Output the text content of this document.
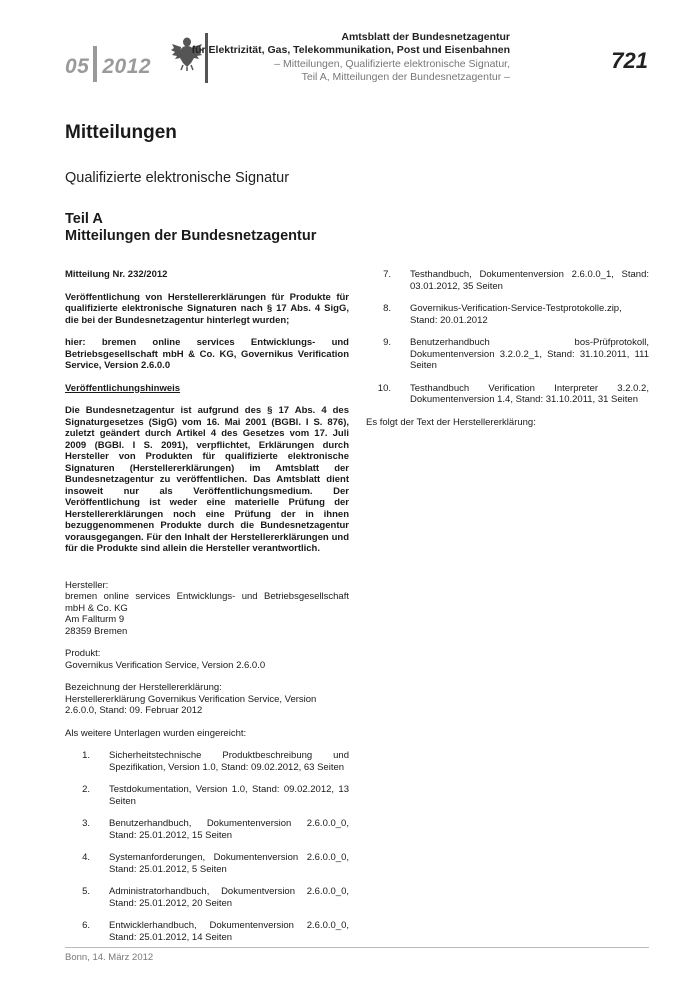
05 2012
Amtsblatt der Bundesnetzagentur
für Elektrizität, Gas, Telekommunikation, Post und Eisenbahnen
– Mitteilungen, Qualifizierte elektronische Signatur,
Teil A, Mitteilungen der Bundesnetzagentur –
721
Mitteilungen
Qualifizierte elektronische Signatur
Teil A
Mitteilungen der Bundesnetzagentur

Mitteilung Nr. 232/2012

Veröffentlichung von Herstellererklärungen für Produkte für qualifizierte elektronische Signaturen nach § 17 Abs. 4 SigG, die bei der Bundesnetzagentur hinterlegt wurden;

hier: bremen online services Entwicklungs- und Betriebsgesellschaft mbH & Co. KG, Governikus Verification Service, Version 2.6.0.0

Veröffentlichungshinweis

Die Bundesnetzagentur ist aufgrund des § 17 Abs. 4 des Signaturgesetzes (SigG) vom 16. Mai 2001 (BGBl. I S. 876), zuletzt geändert durch Artikel 4 des Gesetzes vom 17. Juli 2009 (BGBl. I S. 2091), verpflichtet, Erklärungen durch Hersteller von Produkten für qualifizierte elektronische Signaturen (Herstellererklärungen) im Amtsblatt der Bundesnetzagentur zu veröffentlichen. Das Amtsblatt dient insoweit nur als Veröffentlichungsmedium. Der Veröffentlichung ist weder eine materielle Prüfung der Herstellererklärungen noch eine Prüfung der in ihnen bezuggenommenen Produkte durch die Bundesnetzagentur vorausgegangen. Für den Inhalt der Herstellererklärungen und für die Produkte sind allein die Hersteller verantwortlich.

Hersteller:
bremen online services Entwicklungs- und Betriebsgesellschaft mbH & Co. KG
Am Fallturm 9
28359 Bremen
Produkt:
Governikus Verification Service, Version 2.6.0.0
Bezeichnung der Herstellererklärung:
Herstellererklärung Governikus Verification Service, Version 2.6.0.0, Stand: 09. Februar 2012

Als weitere Unterlagen wurden eingereicht:

1. Sicherheitstechnische Produktbeschreibung und Spezifikation, Version 1.0, Stand: 09.02.2012, 63 Seiten
2. Testdokumentation, Version 1.0, Stand: 09.02.2012, 13 Seiten
3. Benutzerhandbuch, Dokumentenversion 2.6.0.0_0, Stand: 25.01.2012, 15 Seiten
4. Systemanforderungen, Dokumentenversion 2.6.0.0_0, Stand: 25.01.2012, 5 Seiten
5. Administratorhandbuch, Dokumentversion 2.6.0.0_0, Stand: 25.01.2012, 20 Seiten
6. Entwicklerhandbuch, Dokumentenversion 2.6.0.0_0, Stand: 25.01.2012, 14 Seiten
7. Testhandbuch, Dokumentenversion 2.6.0.0_1, Stand: 03.01.2012, 35 Seiten
8. Governikus-Verification-Service-Testprotokolle.zip, Stand: 20.01.2012
9. Benutzerhandbuch bos-Prüfprotokoll, Dokumentenversion 3.2.0.2_1, Stand: 31.10.2011, 111 Seiten
10. Testhandbuch Verification Interpreter 3.2.0.2, Dokumentenversion 1.4, Stand: 31.10.2011, 31 Seiten

Es folgt der Text der Herstellererklärung:

Bonn, 14. März 2012
